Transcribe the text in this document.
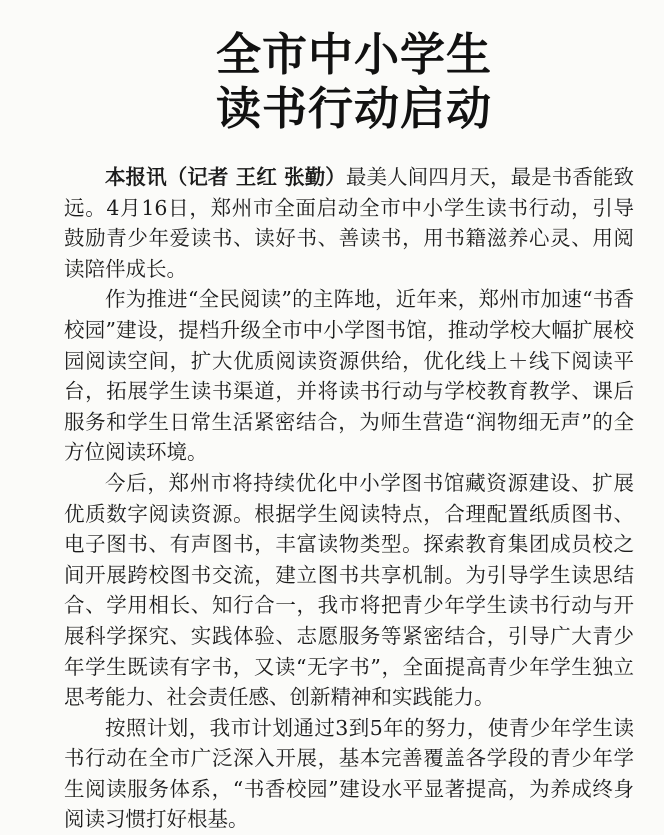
全市中小学生
读书行动启动

本报讯（记者 王红 张勤）最美人间四月天，最是书香能致远。4月16日，郑州市全面启动全市中小学生读书行动，引导鼓励青少年爱读书、读好书、善读书，用书籍滋养心灵、用阅读陪伴成长。

作为推进“全民阅读”的主阵地，近年来，郑州市加速“书香校园”建设，提档升级全市中小学图书馆，推动学校大幅扩展校园阅读空间，扩大优质阅读资源供给，优化线上＋线下阅读平台，拓展学生读书渠道，并将读书行动与学校教育教学、课后服务和学生日常生活紧密结合，为师生营造“润物细无声”的全方位阅读环境。

今后，郑州市将持续优化中小学图书馆藏资源建设、扩展优质数字阅读资源。根据学生阅读特点，合理配置纸质图书、电子图书、有声图书，丰富读物类型。探索教育集团成员校之间开展跨校图书交流，建立图书共享机制。为引导学生读思结合、学用相长、知行合一，我市将把青少年学生读书行动与开展科学探究、实践体验、志愿服务等紧密结合，引导广大青少年学生既读有字书，又读“无字书”，全面提高青少年学生独立思考能力、社会责任感、创新精神和实践能力。

按照计划，我市计划通过3到5年的努力，使青少年学生读书行动在全市广泛深入开展，基本完善覆盖各学段的青少年学生阅读服务体系，“书香校园”建设水平显著提高，为养成终身阅读习惯打好根基。
